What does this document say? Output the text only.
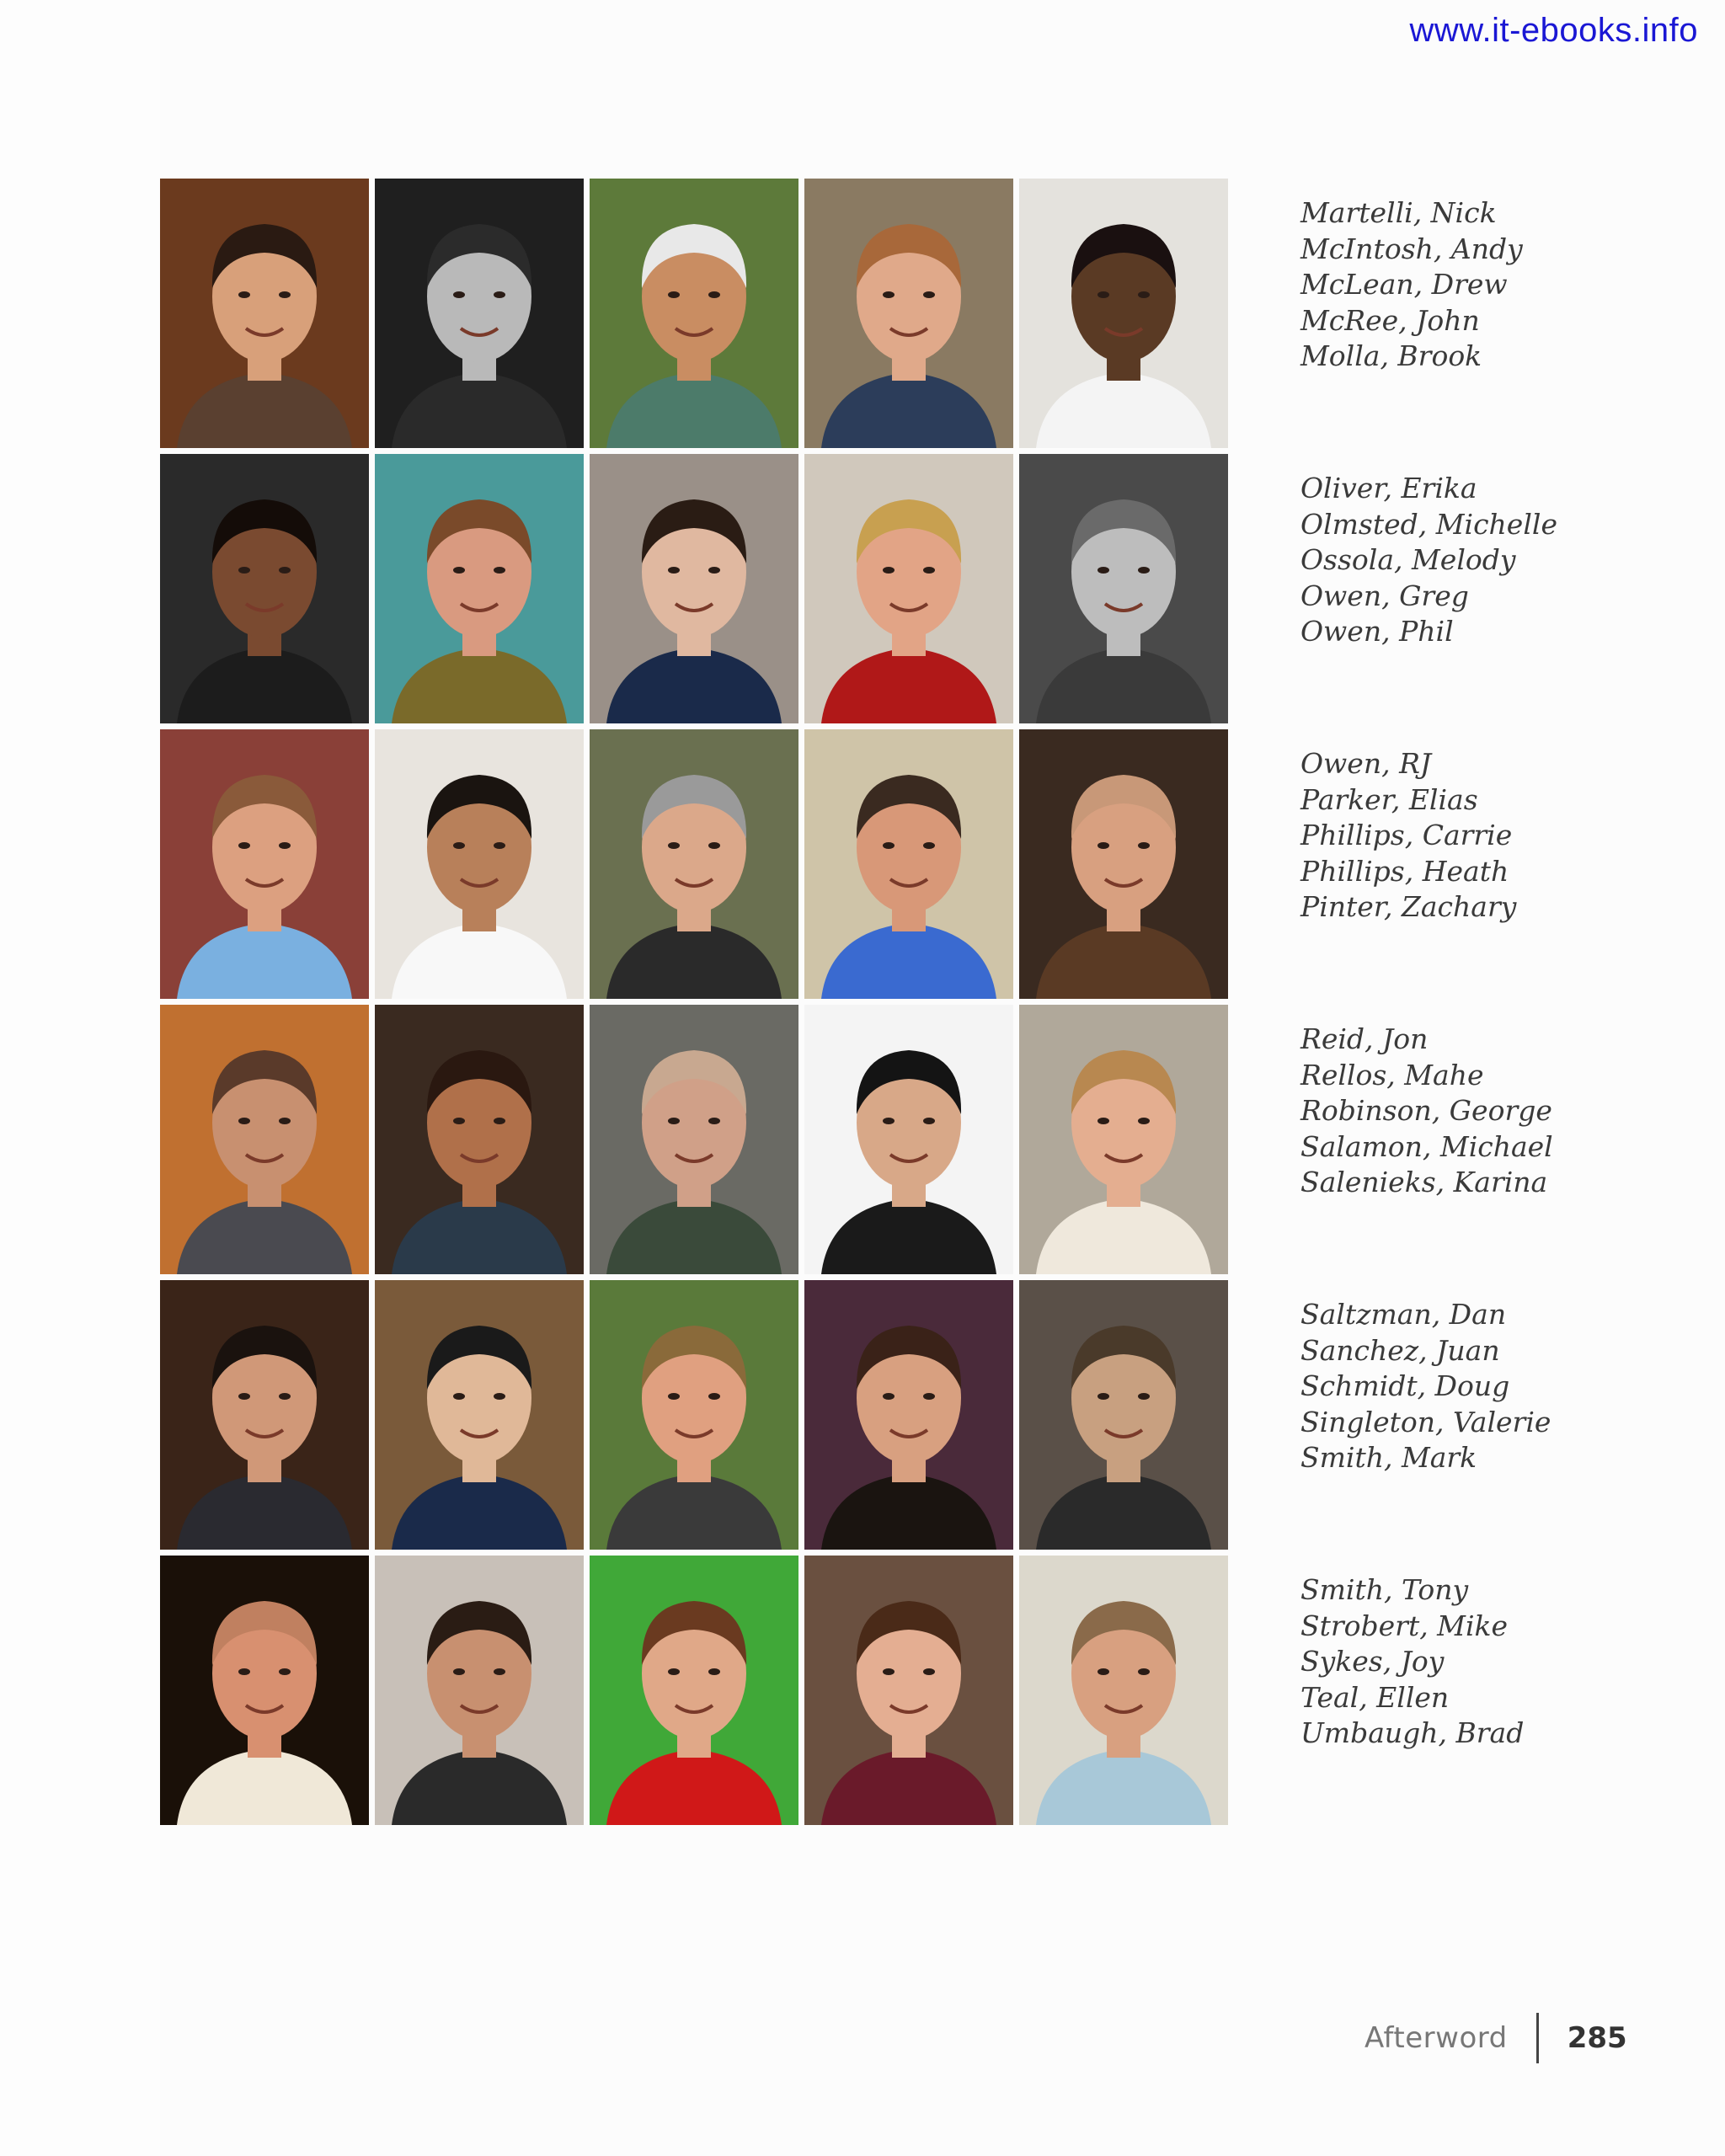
www.it-ebooks.info
Martelli, Nick
McIntosh, Andy
McLean, Drew
McRee, John
Molla, Brook
Oliver, Erika
Olmsted, Michelle
Ossola, Melody
Owen, Greg
Owen, Phil
Owen, RJ
Parker, Elias
Phillips, Carrie
Phillips, Heath
Pinter, Zachary
Reid, Jon
Rellos, Mahe
Robinson, George
Salamon, Michael
Salenieks, Karina
Saltzman, Dan
Sanchez, Juan
Schmidt, Doug
Singleton, Valerie
Smith, Mark
Smith, Tony
Strobert, Mike
Sykes, Joy
Teal, Ellen
Umbaugh, Brad
Afterword 285
